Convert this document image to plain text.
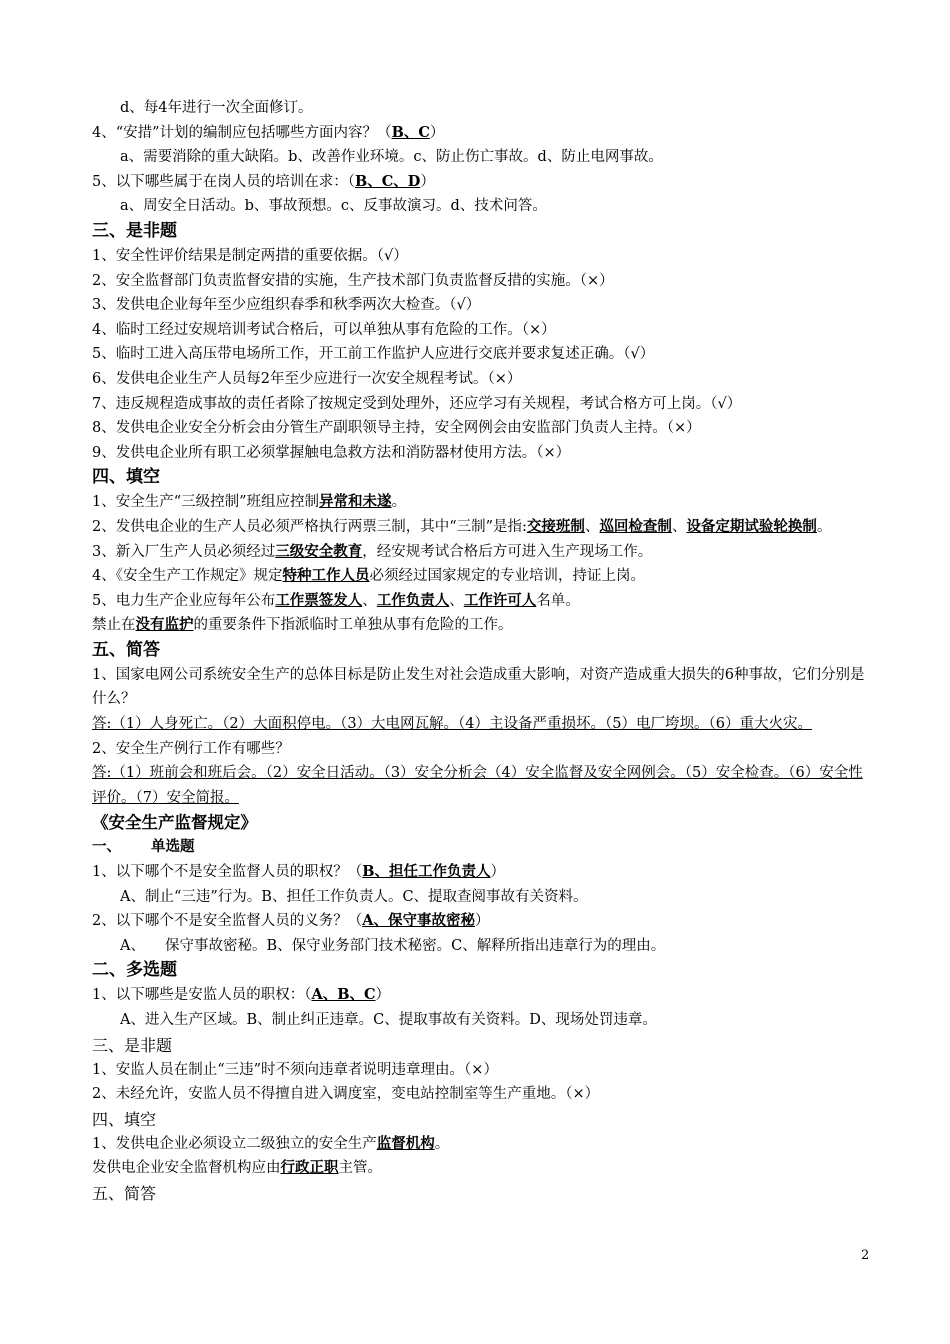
d、每4年进行一次全面修订。
4、“安措”计划的编制应包括哪些方面内容？（B、C）
a、需要消除的重大缺陷。b、改善作业环境。c、防止伤亡事故。d、防止电网事故。
5、以下哪些属于在岗人员的培训在求：（B、C、D）
a、周安全日活动。b、事故预想。c、反事故演习。d、技术问答。
三、是非题
1、安全性评价结果是制定两措的重要依据。（√）
2、安全监督部门负责监督安措的实施，生产技术部门负责监督反措的实施。（×）
3、发供电企业每年至少应组织春季和秋季两次大检查。（√）
4、临时工经过安规培训考试合格后，可以单独从事有危险的工作。（×）
5、临时工进入高压带电场所工作，开工前工作监护人应进行交底并要求复述正确。（√）
6、发供电企业生产人员每2年至少应进行一次安全规程考试。（×）
7、违反规程造成事故的责任者除了按规定受到处理外，还应学习有关规程，考试合格方可上岗。（√）
8、发供电企业安全分析会由分管生产副职领导主持，安全网例会由安监部门负责人主持。（×）
9、发供电企业所有职工必须掌握触电急救方法和消防器材使用方法。（×）
四、填空
1、安全生产“三级控制”班组应控制异常和未遂。
2、发供电企业的生产人员必须严格执行两票三制，其中“三制”是指:交接班制、巡回检查制、设备定期试验轮换制。
3、新入厂生产人员必须经过三级安全教育，经安规考试合格后方可进入生产现场工作。
4、《安全生产工作规定》规定特种工作人员必须经过国家规定的专业培训，持证上岗。
5、电力生产企业应每年公布工作票签发人、工作负责人、工作许可人名单。
禁止在没有监护的重要条件下指派临时工单独从事有危险的工作。
五、简答
1、国家电网公司系统安全生产的总体目标是防止发生对社会造成重大影响，对资产造成重大损失的6种事故，它们分别是什么？
答:（1）人身死亡。（2）大面积停电。（3）大电网瓦解。（4）主设备严重损坏。（5）电厂垮坝。（6）重大火灾。
2、安全生产例行工作有哪些？
答:（1）班前会和班后会。（2）安全日活动。（3）安全分析会（4）安全监督及安全网例会。（5）安全检查。（6）安全性评价。（7）安全简报。
《安全生产监督规定》
一、 单选题
1、以下哪个不是安全监督人员的职权？（B、担任工作负责人）
A、制止“三违”行为。B、担任工作负责人。C、提取查阅事故有关资料。
2、以下哪个不是安全监督人员的义务？（A、保守事故密秘）
A、 保守事故密秘。B、保守业务部门技术秘密。C、解释所指出违章行为的理由。
二、多选题
1、以下哪些是安监人员的职权：（A、B、C）
A、进入生产区域。B、制止纠正违章。C、提取事故有关资料。D、现场处罚违章。
三、是非题
1、安监人员在制止“三违”时不须向违章者说明违章理由。（×）
2、未经允许，安监人员不得擅自进入调度室，变电站控制室等生产重地。（×）
四、填空
1、发供电企业必须设立二级独立的安全生产监督机构。
发供电企业安全监督机构应由行政正职主管。
五、简答
2
